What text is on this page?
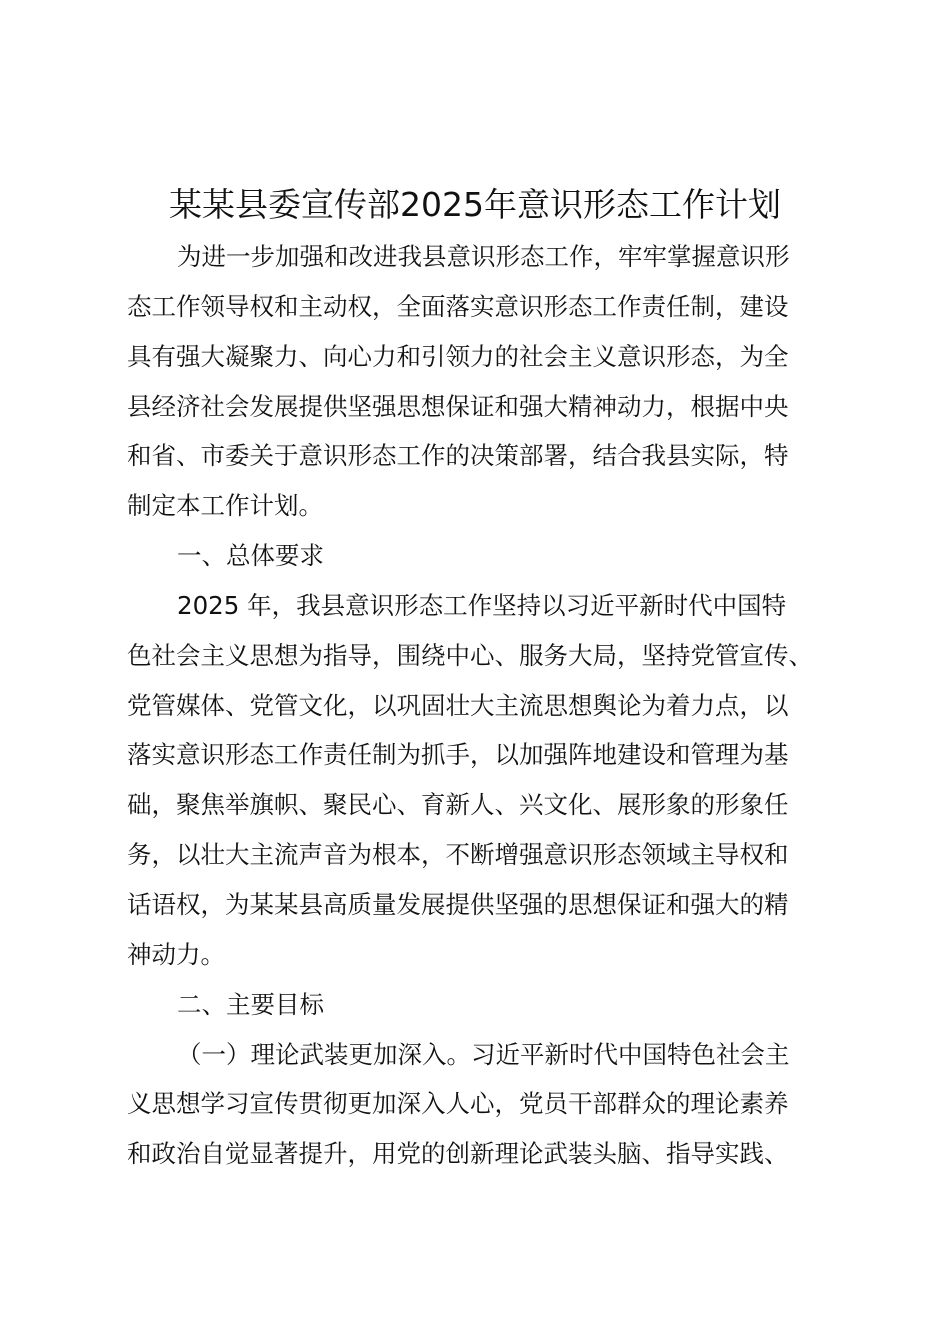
某某县委宣传部2025年意识形态工作计划
为进一步加强和改进我县意识形态工作，牢牢掌握意识形
态工作领导权和主动权，全面落实意识形态工作责任制，建设
具有强大凝聚力、向心力和引领力的社会主义意识形态，为全
县经济社会发展提供坚强思想保证和强大精神动力，根据中央
和省、市委关于意识形态工作的决策部署，结合我县实际，特
制定本工作计划。
一、总体要求
2025 年，我县意识形态工作坚持以习近平新时代中国特
色社会主义思想为指导，围绕中心、服务大局，坚持党管宣传、
党管媒体、党管文化，以巩固壮大主流思想舆论为着力点，以
落实意识形态工作责任制为抓手，以加强阵地建设和管理为基
础，聚焦举旗帜、聚民心、育新人、兴文化、展形象的形象任
务，以壮大主流声音为根本，不断增强意识形态领域主导权和
话语权，为某某县高质量发展提供坚强的思想保证和强大的精
神动力。
二、主要目标
（一）理论武装更加深入。习近平新时代中国特色社会主
义思想学习宣传贯彻更加深入人心，党员干部群众的理论素养
和政治自觉显著提升，用党的创新理论武装头脑、指导实践、
